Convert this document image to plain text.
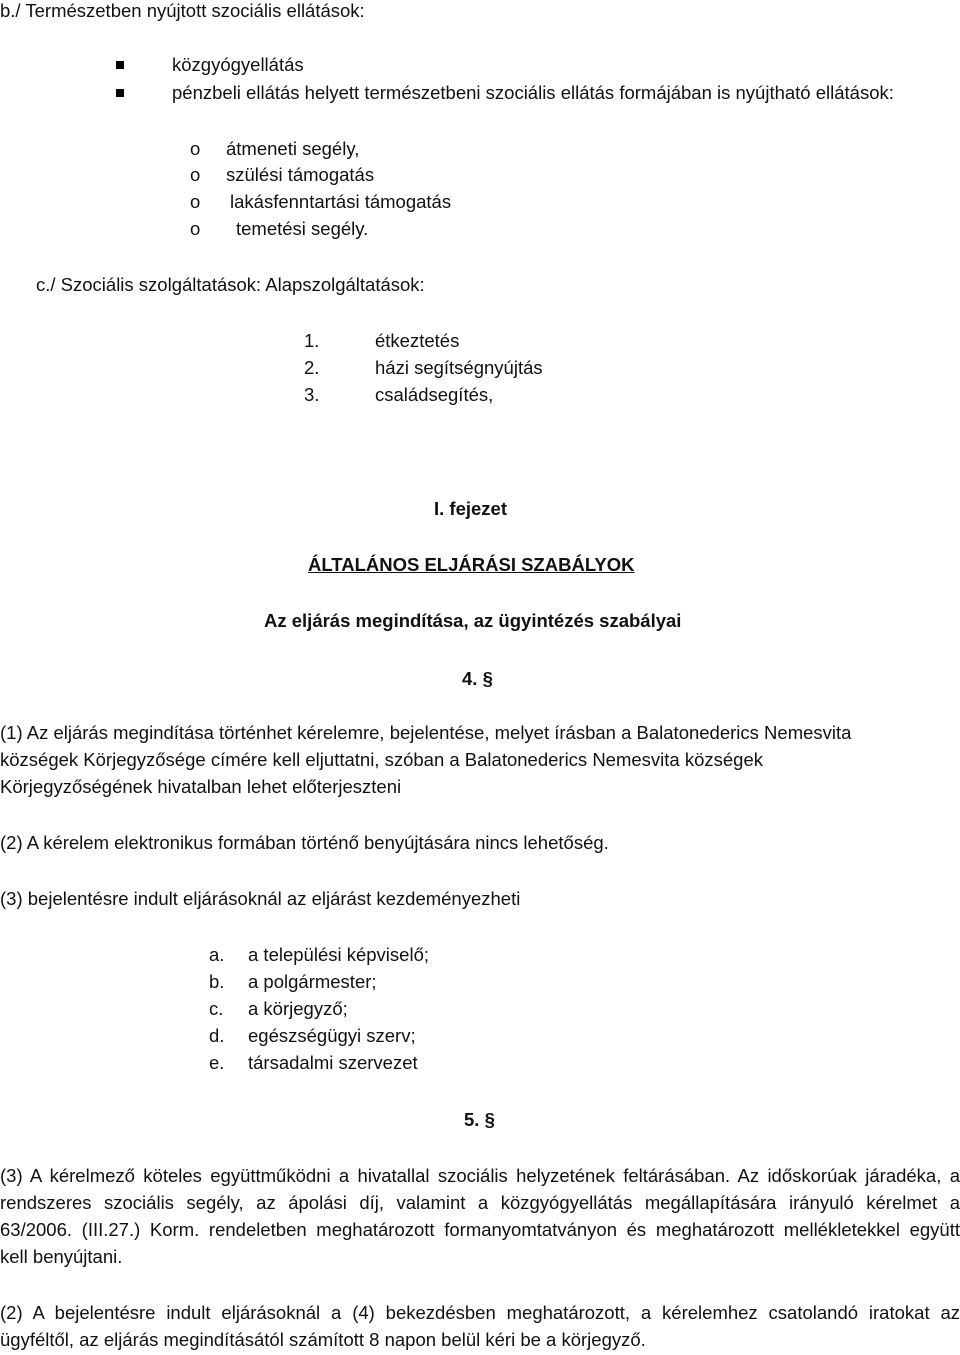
b./ Természetben nyújtott szociális ellátások:
közgyógyellátás
pénzbeli ellátás helyett természetbeni szociális ellátás formájában is nyújtható ellátások:
o átmeneti segély,
o szülési támogatás
o lakásfenntartási támogatás
o temetési segély.
c./ Szociális szolgáltatások: Alapszolgáltatások:
1.	étkeztetés
2.	házi segítségnyújtás
3.	családsegítés,
I. fejezet
ÁLTALÁNOS ELJÁRÁSI SZABÁLYOK
Az eljárás megindítása, az ügyintézés szabályai
4. §
(1) Az eljárás megindítása történhet kérelemre, bejelentése, melyet írásban a Balatonederics Nemesvita
községek Körjegyzősége címére kell eljuttatni, szóban a Balatonederics Nemesvita községek
Körjegyzőségének hivatalban lehet előterjeszteni
(2) A kérelem elektronikus formában történő benyújtására nincs lehetőség.
(3) bejelentésre indult eljárásoknál az eljárást kezdeményezheti
a. a települési képviselő;
b. a polgármester;
c. a körjegyző;
d. egészségügyi szerv;
e. társadalmi szervezet
5. §
(3) A kérelmező köteles együttműködni a hivatallal szociális helyzetének feltárásában. Az időskorúak járadéka, a
rendszeres szociális segély, az ápolási díj, valamint a közgyógyellátás megállapítására irányuló kérelmet a
63/2006. (III.27.) Korm. rendeletben meghatározott formanyomtatványon és meghatározott mellékletekkel együtt
kell benyújtani.
(2) A bejelentésre indult eljárásoknál a (4) bekezdésben meghatározott, a kérelemhez csatolandó iratokat az
ügyféltől, az eljárás megindításától számított 8 napon belül kéri be a körjegyző.
